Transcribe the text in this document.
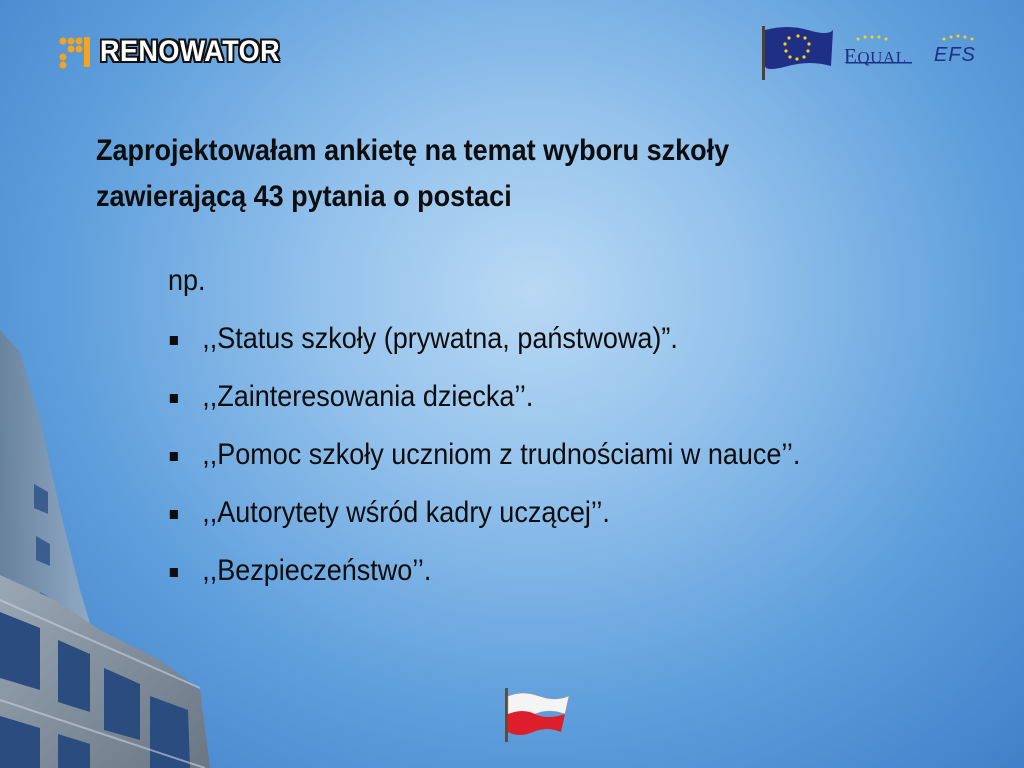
RENOWATOR	EQUAL EFS
Zaprojektowałam ankietę na temat wyboru szkoły
zawierającą 43 pytania o postaci
np.
,,Status szkoły (prywatna, państwowa)”.
,,Zainteresowania dziecka’’.
,,Pomoc szkoły uczniom z trudnościami w nauce’’.
,,Autorytety wśród kadry uczącej’’.
,,Bezpieczeństwo’’.
